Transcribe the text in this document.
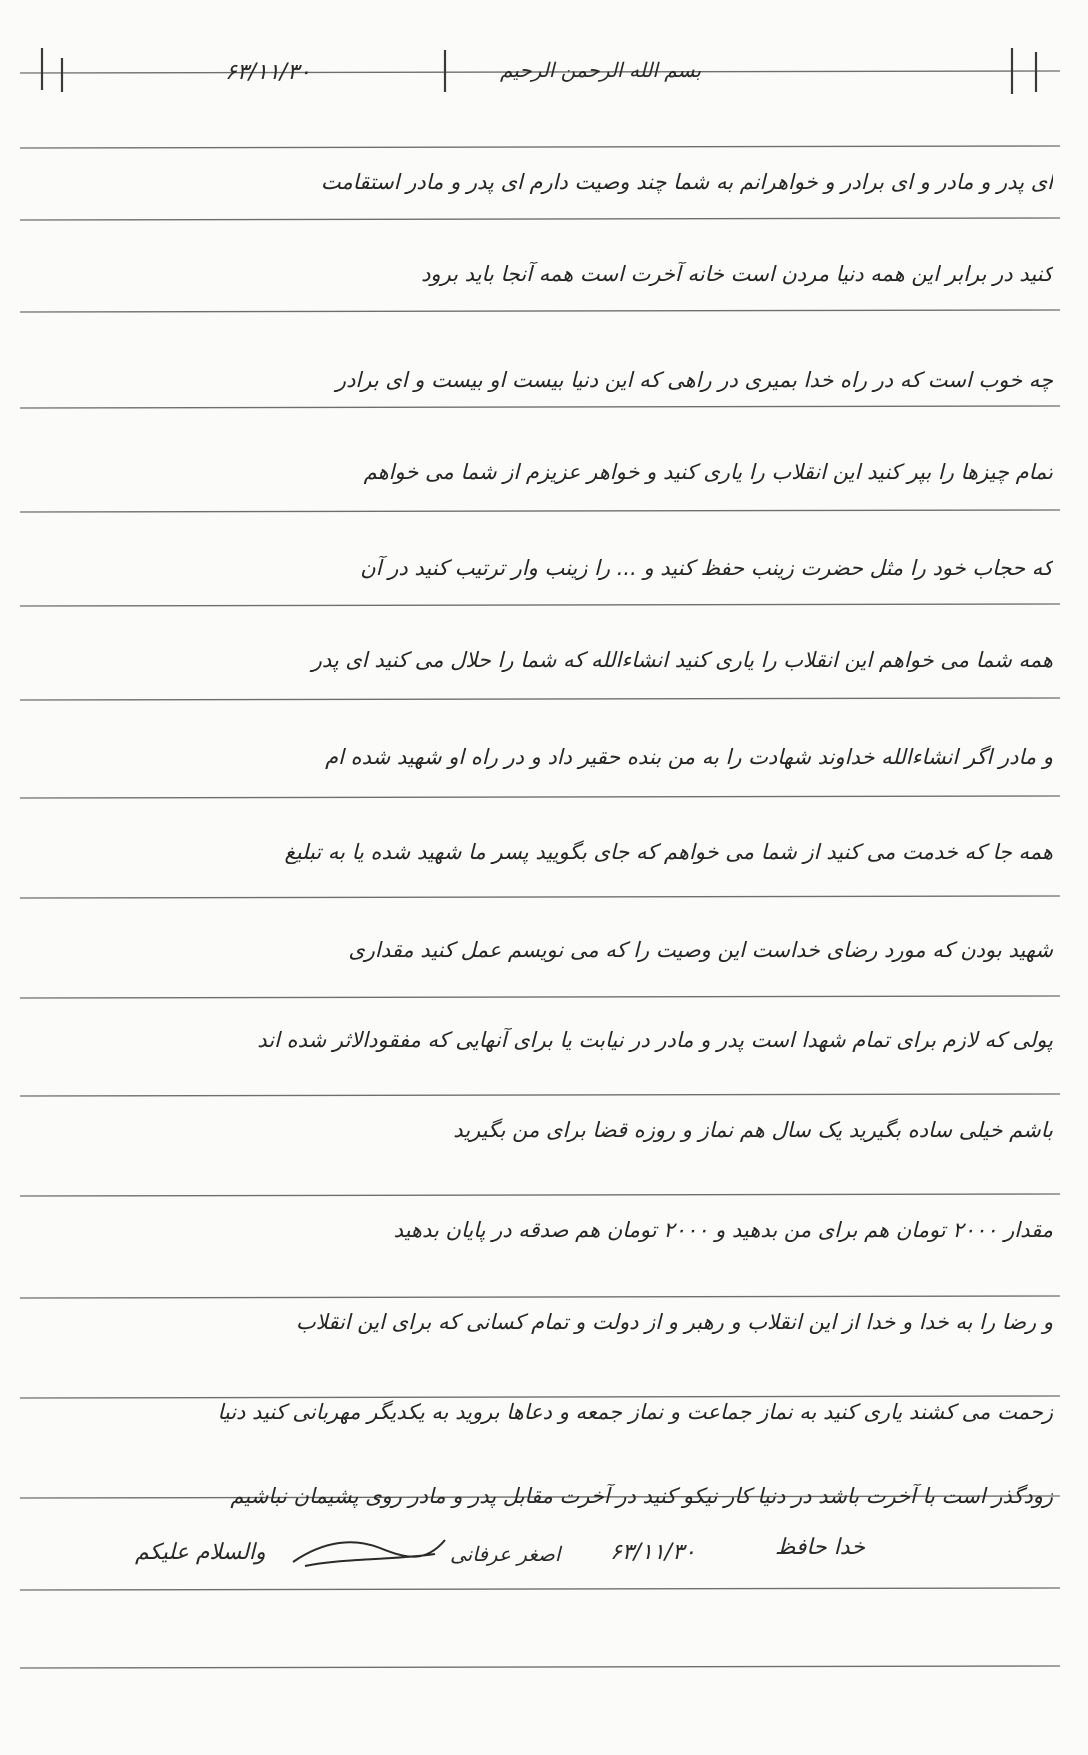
بسم الله الرحمن الرحیم
۶۳/۱۱/۳۰
ای پدر و مادر و ای برادر و خواهرانم به شما چند وصیت دارم ای پدر و مادر استقامت
کنید در برابر این همه دنیا مردن است خانه آخرت است همه آنجا باید برود
چه خوب است که در راه خدا بمیری در راهی که این دنیا بیست او بیست و ای برادر
تمام چیزها را بپر کنید این انقلاب را یاری کنید و خواهر عزیزم از شما می خواهم
که حجاب خود را مثل حضرت زینب حفظ کنید و ... را زینب وار ترتیب کنید در آن
همه شما می خواهم این انقلاب را یاری کنید انشاءالله که شما را حلال می کنید ای پدر
و مادر اگر انشاءالله خداوند شهادت را به من بنده حقیر داد و در راه او شهید شده ام
همه جا که خدمت می کنید از شما می خواهم که جای بگویید پسر ما شهید شده یا به تبلیغ
شهید بودن که مورد رضای خداست این وصیت را که می نویسم عمل کنید مقداری
پولی که لازم برای تمام شهدا است پدر و مادر در نیابت یا برای آنهایی که مفقودالاثر شده اند
باشم خیلی ساده بگیرید یک سال هم نماز و روزه قضا برای من بگیرید
مقدار ۲۰۰۰ تومان هم برای من بدهید و ۲۰۰۰ تومان هم صدقه در پایان بدهید
و رضا را به خدا و خدا از این انقلاب و رهبر و از دولت و تمام کسانی که برای این انقلاب
زحمت می کشند یاری کنید به نماز جماعت و نماز جمعه و دعاها بروید به یکدیگر مهربانی کنید دنیا
زودگذر است با آخرت باشد در دنیا کار نیکو کنید در آخرت مقابل پدر و مادر روی پشیمان نباشیم
خدا حافظ
۶۳/۱۱/۳۰
اصغر عرفانی
والسلام علیکم
